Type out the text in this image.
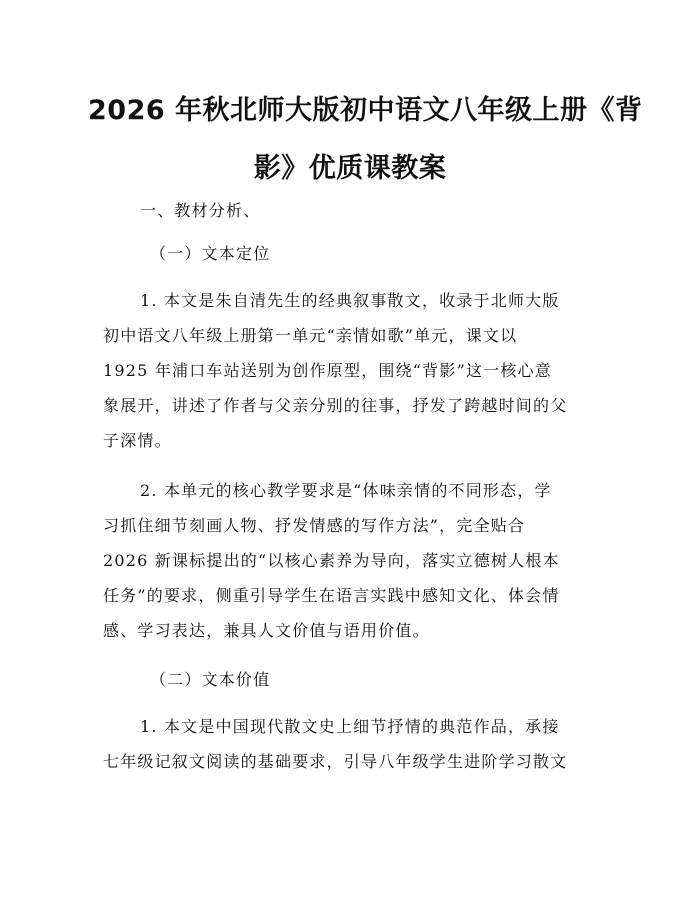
2026 年秋北师大版初中语文八年级上册《背
影》优质课教案
一、教材分析、
（一）文本定位
1. 本文是朱自清先生的经典叙事散文，收录于北师大版
初中语文八年级上册第一单元“亲情如歌”单元，课文以
1925 年浦口车站送别为创作原型，围绕“背影”这一核心意
象展开，讲述了作者与父亲分别的往事，抒发了跨越时间的父
子深情。
2. 本单元的核心教学要求是“体味亲情的不同形态，学
习抓住细节刻画人物、抒发情感的写作方法”，完全贴合
2026 新课标提出的“以核心素养为导向，落实立德树人根本
任务”的要求，侧重引导学生在语言实践中感知文化、体会情
感、学习表达，兼具人文价值与语用价值。
（二）文本价值
1. 本文是中国现代散文史上细节抒情的典范作品，承接
七年级记叙文阅读的基础要求，引导八年级学生进阶学习散文
